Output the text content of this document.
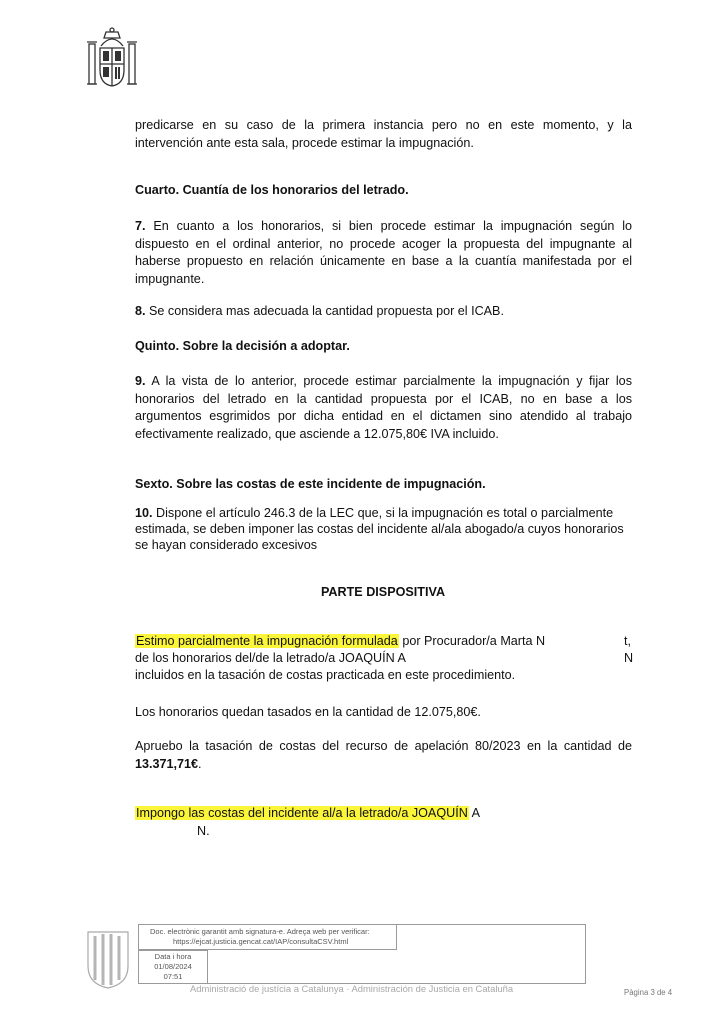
predicarse en su caso de la primera instancia pero no en este momento, y la
intervención ante esta sala, procede estimar la impugnación.
Cuarto. Cuantía de los honorarios del letrado.
7. En cuanto a los honorarios, si bien procede estimar la impugnación según lo dispuesto en el ordinal anterior, no procede acoger la propuesta del impugnante al haberse propuesto en relación únicamente en base a la cuantía manifestada por el impugnante.
8. Se considera mas adecuada la cantidad propuesta por el ICAB.
Quinto. Sobre la decisión a adoptar.
9. A la vista de lo anterior, procede estimar parcialmente la impugnación y fijar los honorarios del letrado en la cantidad propuesta por el ICAB, no en base a los argumentos esgrimidos por dicha entidad en el dictamen sino atendido al trabajo efectivamente realizado, que asciende a 12.075,80€ IVA incluido.
Sexto. Sobre las costas de este incidente de impugnación.
10. Dispone el artículo 246.3 de la LEC que, si la impugnación es total o parcialmente estimada, se deben imponer las costas del incidente al/ala abogado/a cuyos honorarios se hayan considerado excesivos
PARTE DISPOSITIVA
Estimo parcialmente la impugnación formulada por Procurador/a Marta N	t,
de los honorarios del/de la letrado/a JOAQUÍN A	N
incluidos en la tasación de costas practicada en este procedimiento.
Los honorarios quedan tasados en la cantidad de 12.075,80€.
Apruebo la tasación de costas del recurso de apelación 80/2023 en la cantidad de
13.371,71€.
Impongo las costas del incidente al/a la letrado/a JOAQUÍN A
N.
Doc. electrònic garantit amb signatura-e. Adreça web per verificar:
https://ejcat.justicia.gencat.cat/IAP/consultaCSV.html
Data i hora
01/08/2024
07:51
Administració de justícia a Catalunya · Administración de Justicia en Cataluña	Pàgina 3 de 4
